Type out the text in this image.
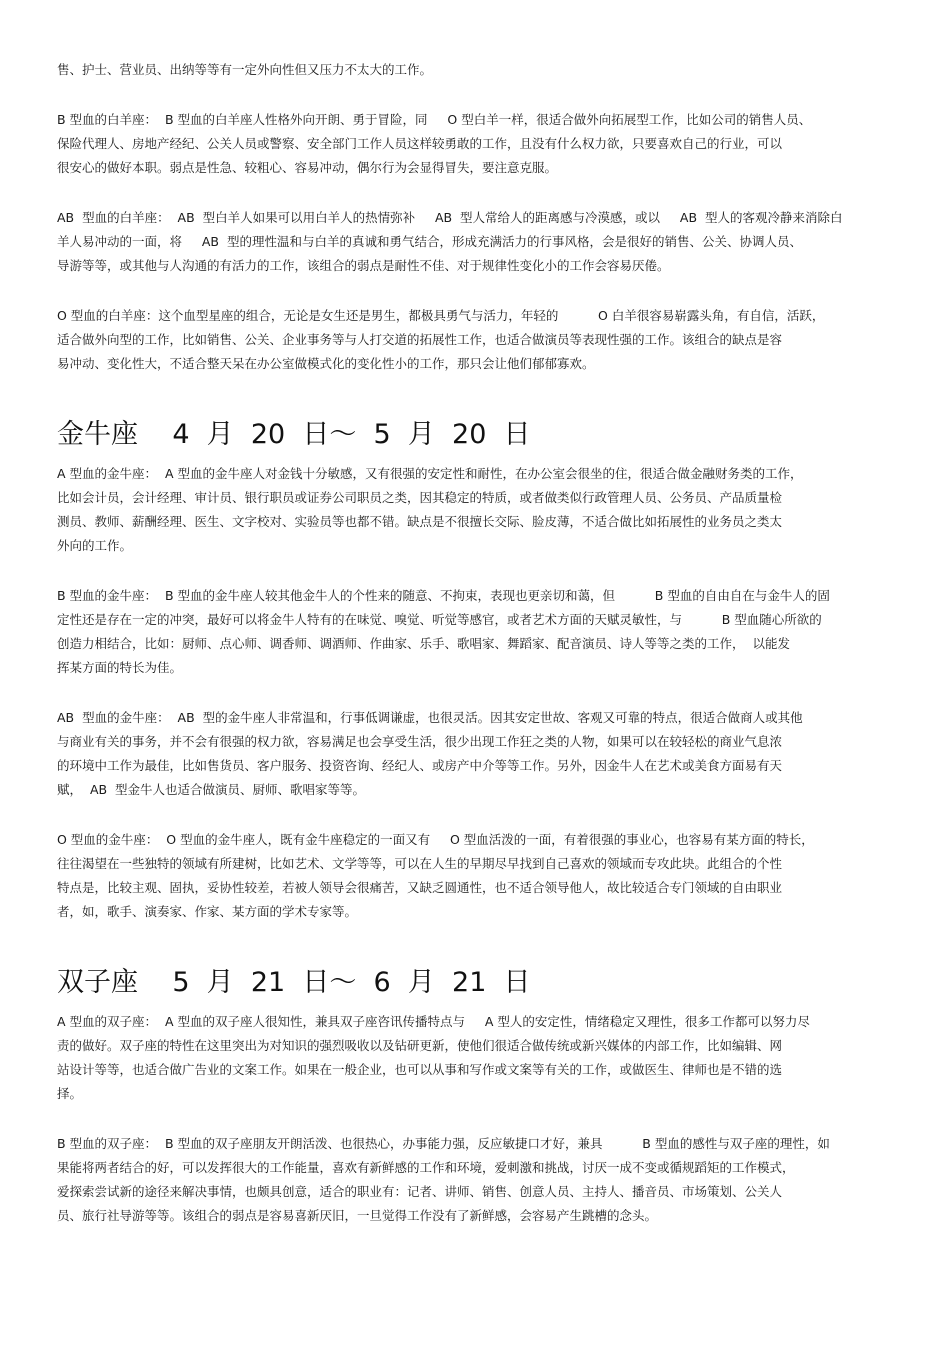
售、护士、营业员、出纳等等有一定外向性但又压力不太大的工作。
B 型血的白羊座：  B 型血的白羊座人性格外向开朗、勇于冒险，同     O 型白羊一样，很适合做外向拓展型工作，比如公司的销售人员、
保险代理人、房地产经纪、公关人员或警察、安全部门工作人员这样较勇敢的工作，且没有什么权力欲，只要喜欢自己的行业，可以
很安心的做好本职。弱点是性急、较粗心、容易冲动，偶尔行为会显得冒失，要注意克服。
AB  型血的白羊座：  AB  型白羊人如果可以用白羊人的热情弥补     AB  型人常给人的距离感与冷漠感，或以     AB  型人的客观冷静来消除白
羊人易冲动的一面，将     AB  型的理性温和与白羊的真诚和勇气结合，形成充满活力的行事风格，会是很好的销售、公关、协调人员、
导游等等，或其他与人沟通的有活力的工作，该组合的弱点是耐性不佳、对于规律性变化小的工作会容易厌倦。
O 型血的白羊座：这个血型星座的组合，无论是女生还是男生，都极具勇气与活力，年轻的          O 白羊很容易崭露头角，有自信，活跃，
适合做外向型的工作，比如销售、公关、企业事务等与人打交道的拓展性工作，也适合做演员等表现性强的工作。该组合的缺点是容
易冲动、变化性大，不适合整天呆在办公室做模式化的变化性小的工作，那只会让他们郁郁寡欢。
金牛座    4  月  20  日～  5  月  20  日
A 型血的金牛座：  A 型血的金牛座人对金钱十分敏感，又有很强的安定性和耐性，在办公室会很坐的住，很适合做金融财务类的工作，
比如会计员，会计经理、审计员、银行职员或证券公司职员之类，因其稳定的特质，或者做类似行政管理人员、公务员、产品质量检
测员、教师、薪酬经理、医生、文字校对、实验员等也都不错。缺点是不很擅长交际、脸皮薄，不适合做比如拓展性的业务员之类太
外向的工作。
B 型血的金牛座：  B 型血的金牛座人较其他金牛人的个性来的随意、不拘束，表现也更亲切和蔼，但          B 型血的自由自在与金牛人的固
定性还是存在一定的冲突，最好可以将金牛人特有的在味觉、嗅觉、听觉等感官，或者艺术方面的天赋灵敏性，与          B 型血随心所欲的
创造力相结合，比如：厨师、点心师、调香师、调酒师、作曲家、乐手、歌唱家、舞蹈家、配音演员、诗人等等之类的工作，  以能发
挥某方面的特长为佳。
AB  型血的金牛座：  AB  型的金牛座人非常温和，行事低调谦虚，也很灵活。因其安定世故、客观又可靠的特点，很适合做商人或其他
与商业有关的事务，并不会有很强的权力欲，容易满足也会享受生活，很少出现工作狂之类的人物，如果可以在较轻松的商业气息浓
的环境中工作为最佳，比如售货员、客户服务、投资咨询、经纪人、或房产中介等等工作。另外，因金牛人在艺术或美食方面易有天
赋，  AB  型金牛人也适合做演员、厨师、歌唱家等等。
O 型血的金牛座：  O 型血的金牛座人，既有金牛座稳定的一面又有     O 型血活泼的一面，有着很强的事业心，也容易有某方面的特长，
往往渴望在一些独特的领域有所建树，比如艺术、文学等等，可以在人生的早期尽早找到自己喜欢的领域而专攻此块。此组合的个性
特点是，比较主观、固执，妥协性较差，若被人领导会很痛苦，又缺乏圆通性，也不适合领导他人，故比较适合专门领域的自由职业
者，如，歌手、演奏家、作家、某方面的学术专家等。
双子座    5  月  21  日～  6  月  21  日
A 型血的双子座：  A 型血的双子座人很知性，兼具双子座咨讯传播特点与     A 型人的安定性，情绪稳定又理性，很多工作都可以努力尽
责的做好。双子座的特性在这里突出为对知识的强烈吸收以及钻研更新，使他们很适合做传统或新兴媒体的内部工作，比如编辑、网
站设计等等，也适合做广告业的文案工作。如果在一般企业，也可以从事和写作或文案等有关的工作，或做医生、律师也是不错的选
择。
B 型血的双子座：  B 型血的双子座朋友开朗活泼、也很热心，办事能力强，反应敏捷口才好，兼具          B 型血的感性与双子座的理性，如
果能将两者结合的好，可以发挥很大的工作能量，喜欢有新鲜感的工作和环境，爱刺激和挑战，讨厌一成不变或循规蹈矩的工作模式，
爱探索尝试新的途径来解决事情，也颇具创意，适合的职业有：记者、讲师、销售、创意人员、主持人、播音员、市场策划、公关人
员、旅行社导游等等。该组合的弱点是容易喜新厌旧，一旦觉得工作没有了新鲜感，会容易产生跳槽的念头。
